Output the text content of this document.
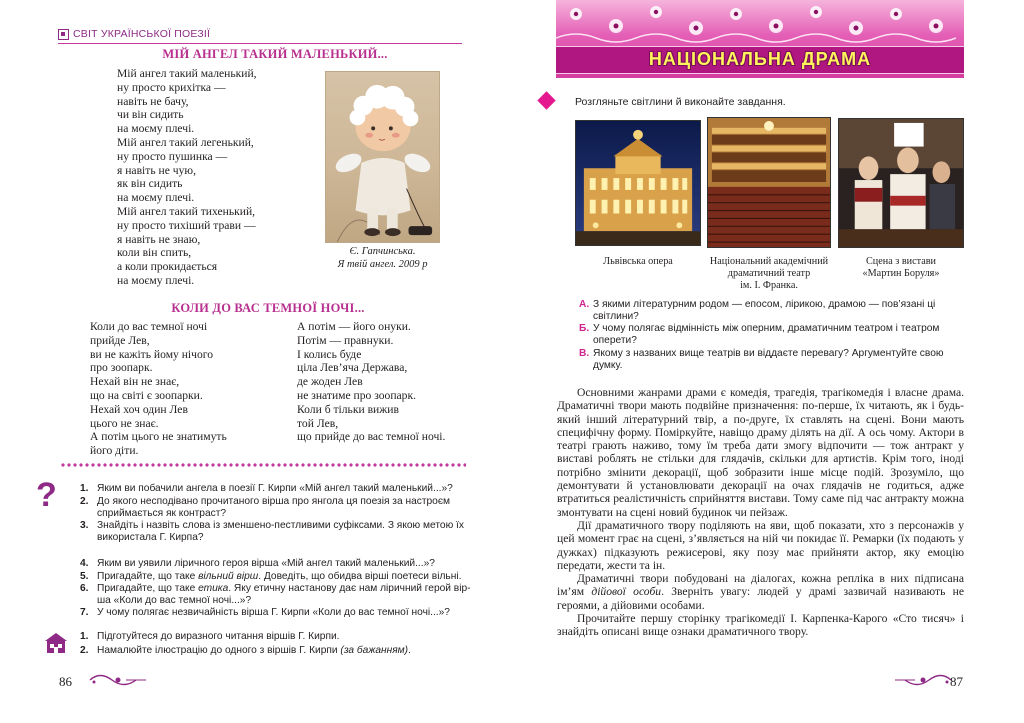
СВІТ УКРАЇНСЬКОЇ ПОЕЗІЇ
МІЙ АНГЕЛ ТАКИЙ МАЛЕНЬКИЙ...
Мій ангел такий маленький,
ну просто крихітка —
навіть не бачу,
чи він сидить
на моєму плечі.
Мій ангел такий легенький,
ну просто пушинка —
я навіть не чую,
як він сидить
на моєму плечі.
Мій ангел такий тихенький,
ну просто тихіший трави —
я навіть не знаю,
коли він спить,
а коли прокидається
на моєму плечі.
Є. Гапчинська.
Я твій ангел. 2009 р
КОЛИ ДО ВАС ТЕМНОЇ НОЧІ...
Коли до вас темної ночі
прийде Лев,
ви не кажіть йому нічого
про зоопарк.
Нехай він не знає,
що на світі є зоопарки.
Нехай хоч один Лев
цього не знає.
А потім цього не знатимуть
його діти.
А потім — його онуки.
Потім — правнуки.
І колись буде
ціла Лев’яча Держава,
де жоден Лев
не знатиме про зоопарк.
Коли б тільки вижив
той Лев,
що прийде до вас темної ночі.
? 1. Яким ви побачили ангела в поезії Г. Кирпи «Мій ангел такий маленький...»?
2. До якого несподівано прочитаного вірша про янгола ця поезія за настроєм
сприймається як контраст?
3. Знайдіть і назвіть слова із зменшено-пестливими суфіксами. З якою метою їх
використала Г. Кирпа?
4. Яким ви уявили ліричного героя вірша «Мій ангел такий маленький...»?
5. Пригадайте, що таке вільний вірш. Доведіть, що обидва вірші поетеси вільні.
6. Пригадайте, що таке етика. Яку етичну настанову дає нам ліричний герой вір-
ша «Коли до вас темної ночі...»?
7. У чому полягає незвичайність вірша Г. Кирпи «Коли до вас темної ночі...»?
1. Підготуйтеся до виразного читання віршів Г. Кирпи.
2. Намалюйте ілюстрацію до одного з віршів Г. Кирпи (за бажанням).
86
НАЦІОНАЛЬНА ДРАМА
Розгляньте світлини й виконайте завдання.
Львівська опера	Національний академічний
драматичний театр
ім. І. Франка.
Сцена з вистави
«Мартин Боруля»
А. З якими літературним родом — епосом, лірикою, драмою — пов’язані ці світлини?
Б. У чому полягає відмінність між оперним, драматичним театром і театром оперети?
В. Якому з названих вище театрів ви віддаєте перевагу? Аргументуйте свою думку.

Основними жанрами драми є комедія, трагедія, трагікомедія і власне драма. Драматичні твори мають подвійне призначення: по-перше, їх читають, як і будь-який інший літературний твір, а по-друге, їх ставлять на сцені. Вони мають специфічну форму. Поміркуйте, навіщо драму ділять на дії. А ось чому. Актори в театрі грають наживо, тому їм треба дати змогу відпочити — тож антракт у виставі роблять не стільки для глядачів, скільки для артистів. Крім того, іноді потрібно змінити декорації, щоб зобразити інше місце подій. Зрозуміло, що демонтувати й установлювати декорації на очах глядачів не годиться, адже втратиться реалістичність сприйняття вистави. Тому саме під час антракту можна змонтувати на сцені новий будинок чи пейзаж.

Дії драматичного твору поділяють на яви, щоб показати, хто з персонажів у цей момент грає на сцені, з’являється на ній чи покидає її. Ремарки (їх подають у дужках) підказують режисерові, яку позу має прийняти актор, яку емоцію передати, жести та ін.

Драматичні твори побудовані на діалогах, кожна репліка в них підписана ім’ям дійової особи. Зверніть увагу: людей у драмі зазвичай називають не героями, а дійовими особами.

Прочитайте першу сторінку трагікомедії І. Карпенка-Карого «Сто тисяч» і знайдіть описані вище ознаки драматичного твору.

87
